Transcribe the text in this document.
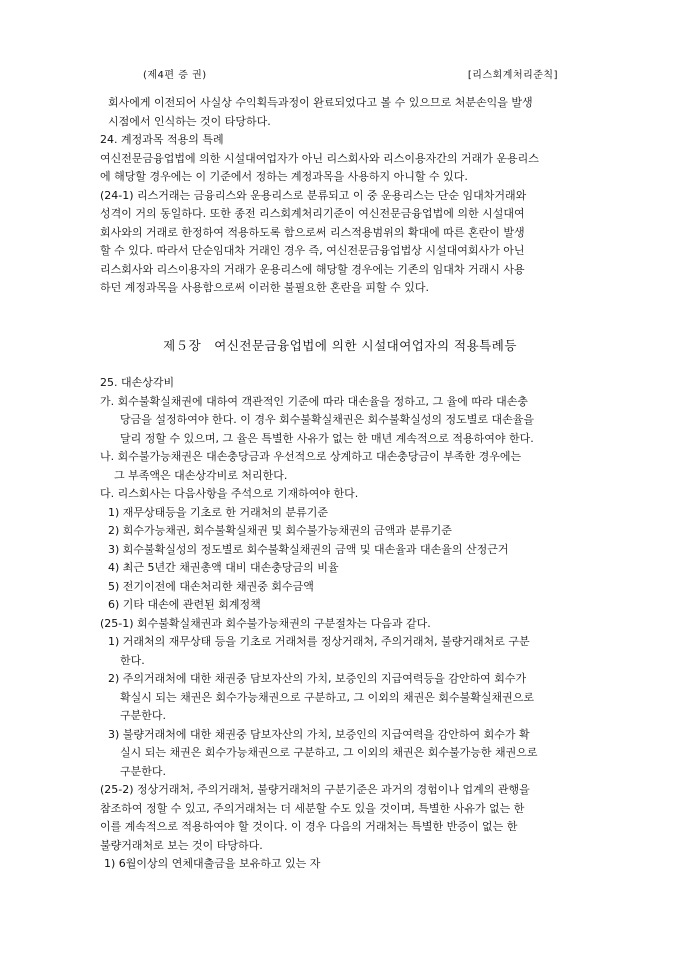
(제4편 증 권)	[리스회계처리준칙]

회사에게 이전되어 사실상 수익획득과정이 완료되었다고 볼 수 있으므로 처분손익을 발생

시점에서 인식하는 것이 타당하다.

24. 계정과목 적용의 특례

여신전문금융업법에 의한 시설대여업자가 아닌 리스회사와 리스이용자간의 거래가 운용리스

에 해당할 경우에는 이 기준에서 정하는 계정과목을 사용하지 아니할 수 있다.

(24-1) 리스거래는 금융리스와 운용리스로 분류되고 이 중 운용리스는 단순 임대차거래와

성격이 거의 동일하다. 또한 종전 리스회계처리기준이 여신전문금융업법에 의한 시설대여

회사와의 거래로 한정하여 적용하도록 함으로써 리스적용범위의 확대에 따른 혼란이 발생

할 수 있다. 따라서 단순임대차 거래인 경우 즉, 여신전문금융업법상 시설대여회사가 아닌

리스회사와 리스이용자의 거래가 운용리스에 해당할 경우에는 기존의 임대차 거래시 사용

하던 계정과목을 사용함으로써 이러한 불필요한 혼란을 피할 수 있다.

제５장　여신전문금융업법에 의한 시설대여업자의 적용특례등

25. 대손상각비

가. 회수불확실채권에 대하여 객관적인 기준에 따라 대손율을 정하고, 그 율에 따라 대손충

당금을 설정하여야 한다. 이 경우 회수불확실채권은 회수불확실성의 정도별로 대손율을

달리 정할 수 있으며, 그 율은 특별한 사유가 없는 한 매년 계속적으로 적용하여야 한다.

나. 회수불가능채권은 대손충당금과 우선적으로 상계하고 대손충당금이 부족한 경우에는

그 부족액은 대손상각비로 처리한다.

다. 리스회사는 다음사항을 주석으로 기재하여야 한다.

1) 재무상태등을 기초로 한 거래처의 분류기준

2) 회수가능채권, 회수불확실채권 및 회수불가능채권의 금액과 분류기준

3) 회수불확실성의 정도별로 회수불확실채권의 금액 및 대손율과 대손율의 산정근거

4) 최근 5년간 채권총액 대비 대손충당금의 비율

5) 전기이전에 대손처리한 채권중 회수금액

6) 기타 대손에 관련된 회계정책

(25-1) 회수불확실채권과 회수불가능채권의 구분절차는 다음과 같다.

1) 거래처의 재무상태 등을 기초로 거래처를 정상거래처, 주의거래처, 불량거래처로 구분

한다.

2) 주의거래처에 대한 채권중 담보자산의 가치, 보증인의 지급여력등을 감안하여 회수가

확실시 되는 채권은 회수가능채권으로 구분하고, 그 이외의 채권은 회수불확실채권으로

구분한다.

3) 불량거래처에 대한 채권중 담보자산의 가치, 보증인의 지급여력을 감안하여 회수가 확

실시 되는 채권은 회수가능채권으로 구분하고, 그 이외의 채권은 회수불가능한 채권으로

구분한다.

(25-2) 정상거래처, 주의거래처, 불량거래처의 구분기준은 과거의 경험이나 업계의 관행을

참조하여 정할 수 있고, 주의거래처는 더 세분할 수도 있을 것이며, 특별한 사유가 없는 한

이를 계속적으로 적용하여야 할 것이다. 이 경우 다음의 거래처는 특별한 반증이 없는 한

불량거래처로 보는 것이 타당하다.

1) 6월이상의 연체대출금을 보유하고 있는 자
